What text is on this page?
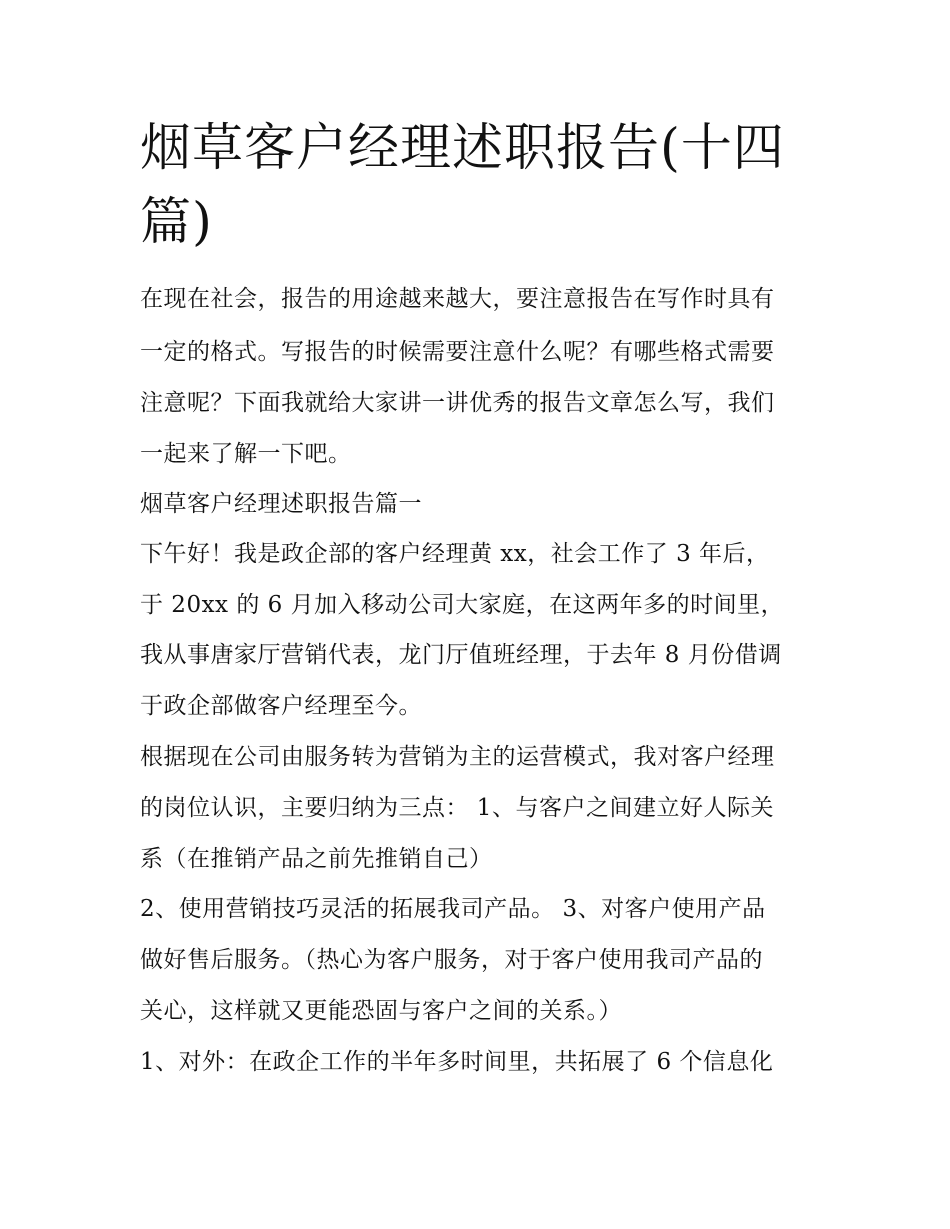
烟草客户经理述职报告(十四
篇)

在现在社会，报告的用途越来越大，要注意报告在写作时具有

一定的格式。写报告的时候需要注意什么呢？有哪些格式需要

注意呢？下面我就给大家讲一讲优秀的报告文章怎么写，我们

一起来了解一下吧。

烟草客户经理述职报告篇一

下午好！我是政企部的客户经理黄 xx，社会工作了 3 年后，

于 20xx 的 6 月加入移动公司大家庭，在这两年多的时间里，

我从事唐家厅营销代表，龙门厅值班经理，于去年 8 月份借调

于政企部做客户经理至今。

根据现在公司由服务转为营销为主的运营模式，我对客户经理

的岗位认识，主要归纳为三点： 1、与客户之间建立好人际关

系（在推销产品之前先推销自己）

2、使用营销技巧灵活的拓展我司产品。 3、对客户使用产品

做好售后服务。（热心为客户服务，对于客户使用我司产品的

关心，这样就又更能恐固与客户之间的关系。）

1、对外：在政企工作的半年多时间里，共拓展了 6 个信息化
